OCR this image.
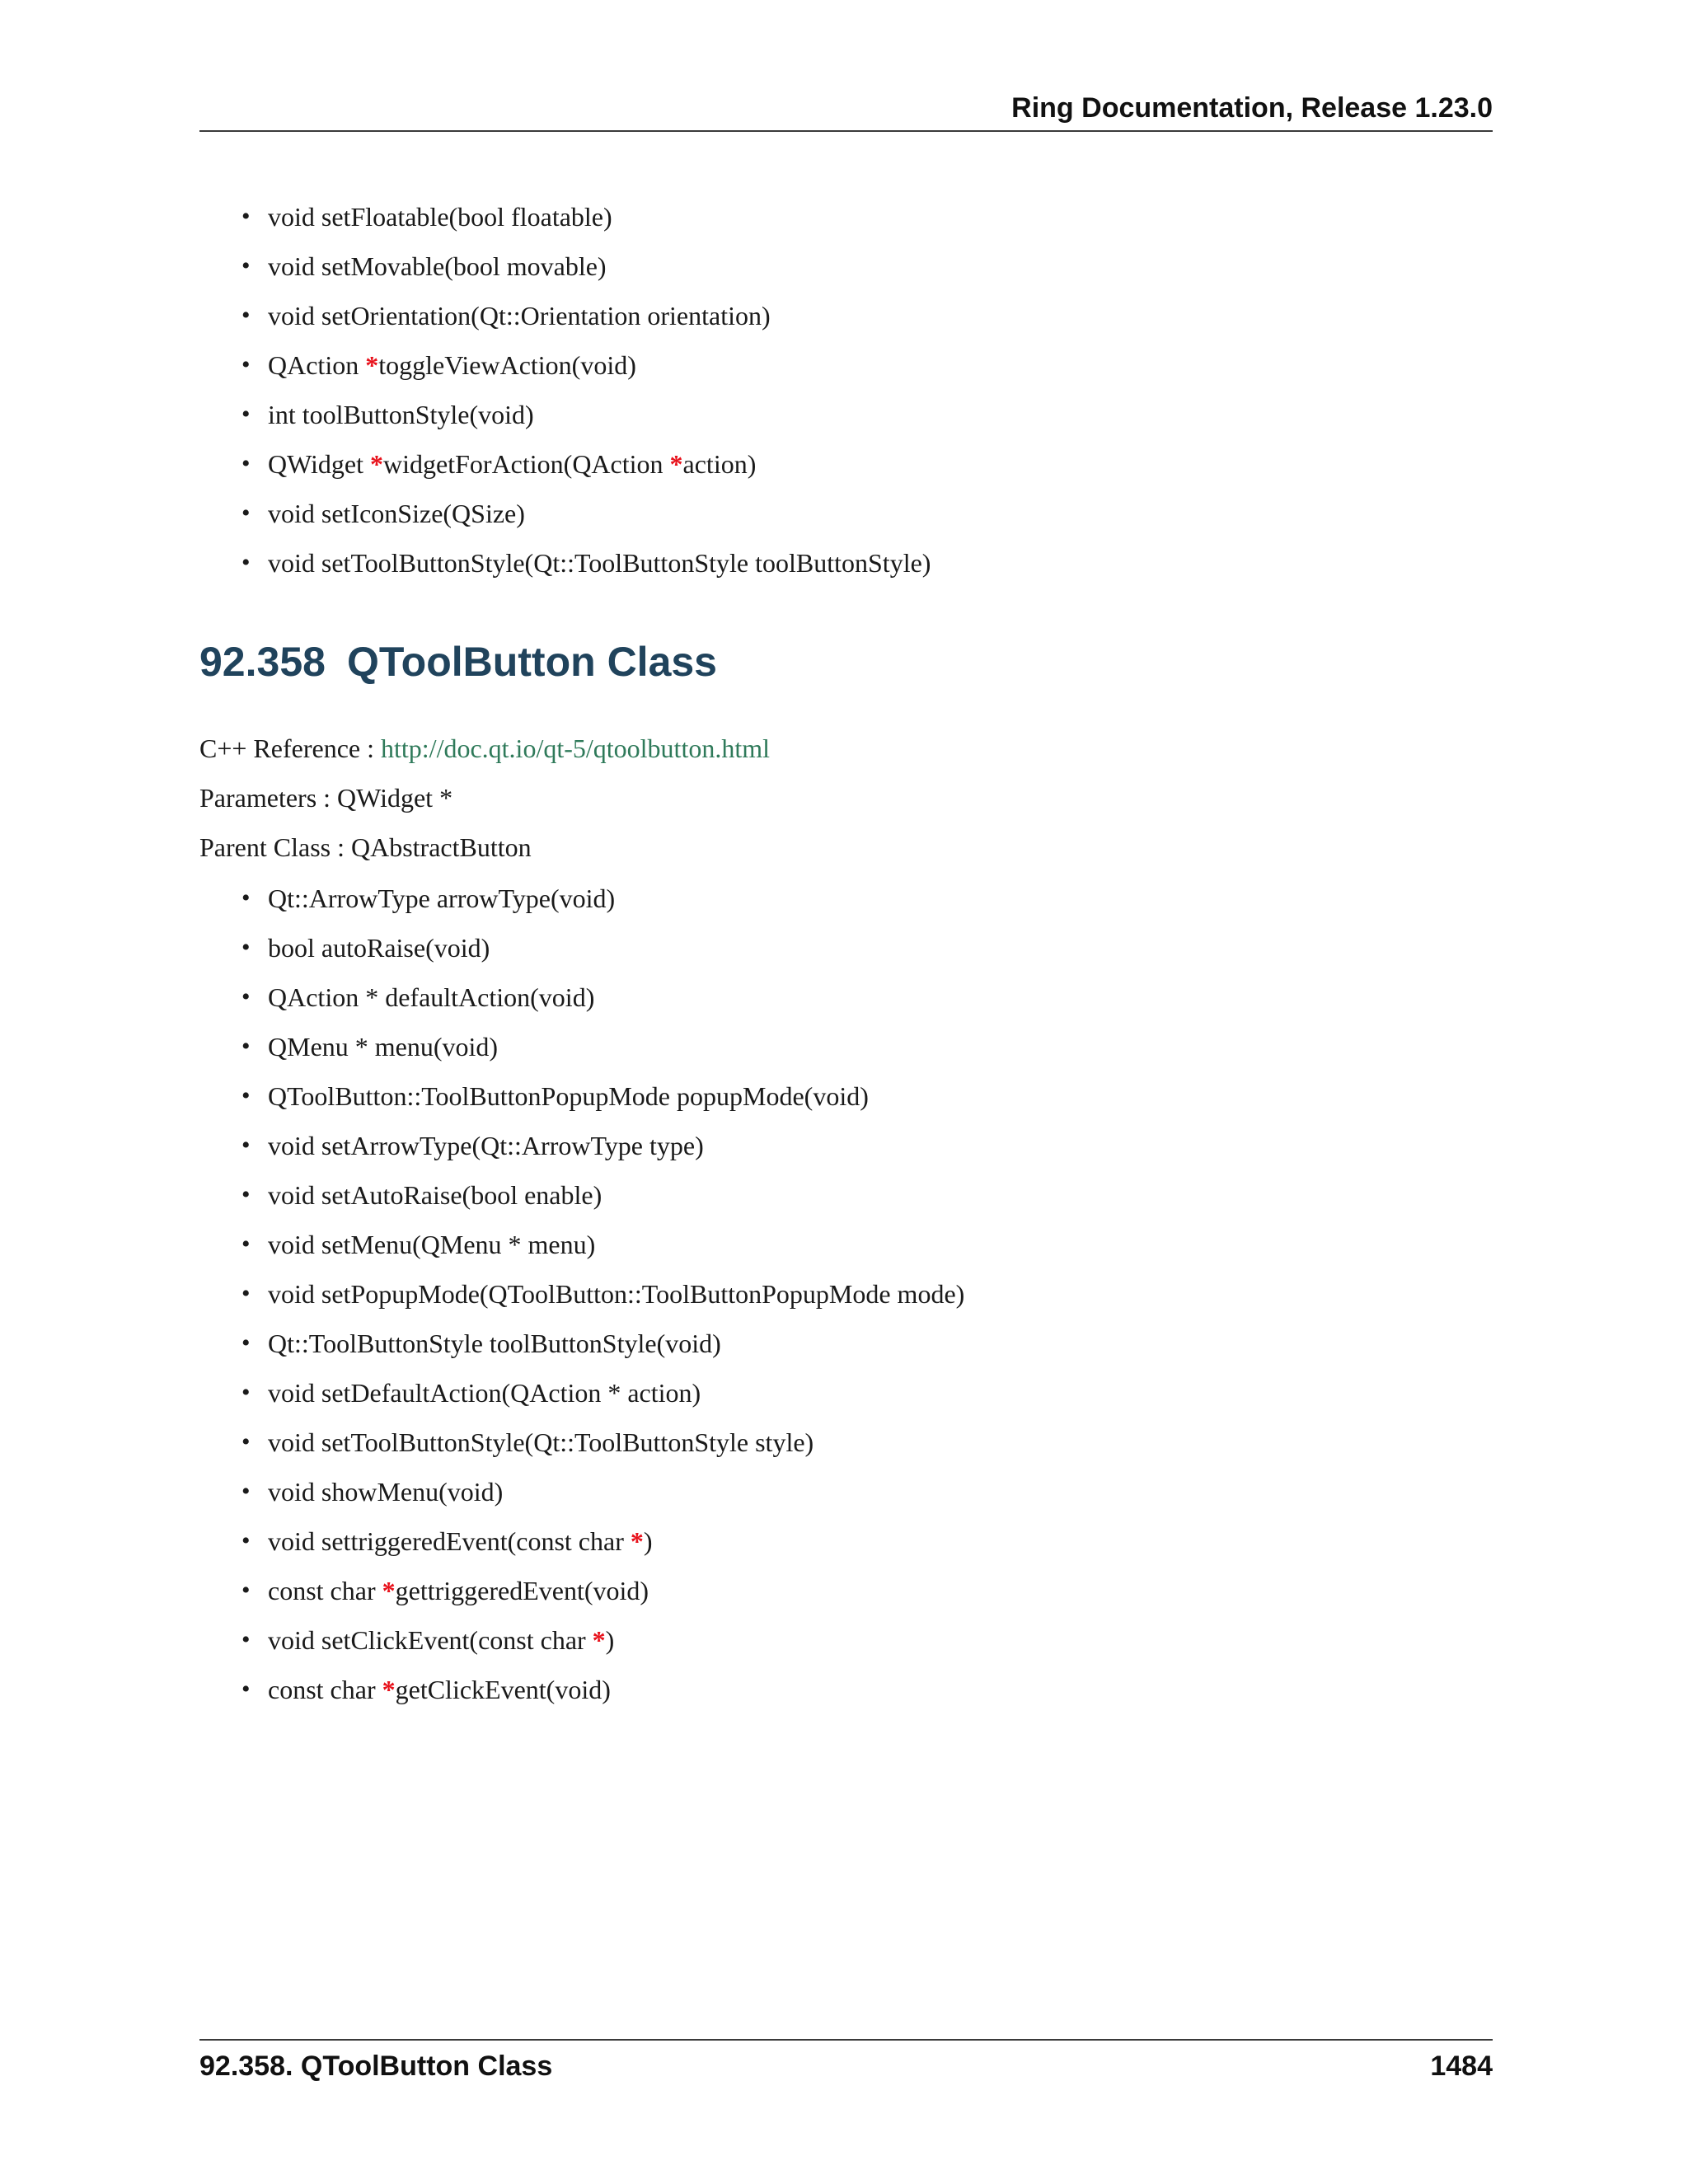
Ring Documentation, Release 1.23.0
• void setFloatable(bool floatable)
• void setMovable(bool movable)
• void setOrientation(Qt::Orientation orientation)
• QAction *toggleViewAction(void)
• int toolButtonStyle(void)
• QWidget *widgetForAction(QAction *action)
• void setIconSize(QSize)
• void setToolButtonStyle(Qt::ToolButtonStyle toolButtonStyle)
92.358 QToolButton Class
C++ Reference : http://doc.qt.io/qt-5/qtoolbutton.html
Parameters : QWidget *
Parent Class : QAbstractButton
• Qt::ArrowType arrowType(void)
• bool autoRaise(void)
• QAction * defaultAction(void)
• QMenu * menu(void)
• QToolButton::ToolButtonPopupMode popupMode(void)
• void setArrowType(Qt::ArrowType type)
• void setAutoRaise(bool enable)
• void setMenu(QMenu * menu)
• void setPopupMode(QToolButton::ToolButtonPopupMode mode)
• Qt::ToolButtonStyle toolButtonStyle(void)
• void setDefaultAction(QAction * action)
• void setToolButtonStyle(Qt::ToolButtonStyle style)
• void showMenu(void)
• void settriggeredEvent(const char *)
• const char *gettriggeredEvent(void)
• void setClickEvent(const char *)
• const char *getClickEvent(void)
92.358. QToolButton Class	1484
